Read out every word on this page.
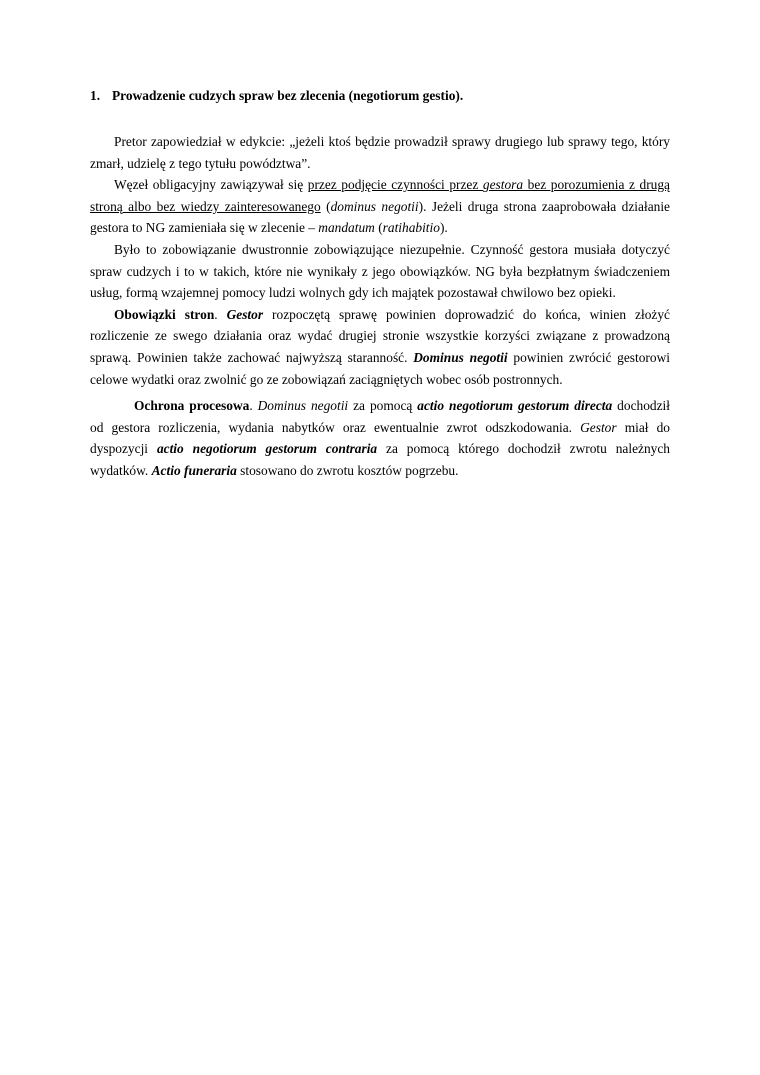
1. Prowadzenie cudzych spraw bez zlecenia (negotiorum gestio).

Pretor zapowiedział w edykcie: „jeżeli ktoś będzie prowadził sprawy drugiego lub sprawy tego, który zmarł, udzielę z tego tytułu powództwa”.

Węzeł obligacyjny zawiązywał się przez podjęcie czynności przez gestora bez porozumienia z drugą stroną albo bez wiedzy zainteresowanego (dominus negotii). Jeżeli druga strona zaaprobowała działanie gestora to NG zamieniała się w zlecenie – mandatum (ratihabitio).

Było to zobowiązanie dwustronnie zobowiązujące niezupełnie. Czynność gestora musiała dotyczyć spraw cudzych i to w takich, które nie wynikały z jego obowiązków. NG była bezpłatnym świadczeniem usług, formą wzajemnej pomocy ludzi wolnych gdy ich majątek pozostawał chwilowo bez opieki.

Obowiązki stron. Gestor rozpoczętą sprawę powinien doprowadzić do końca, winien złożyć rozliczenie ze swego działania oraz wydać drugiej stronie wszystkie korzyści związane z prowadzoną sprawą. Powinien także zachować najwyższą staranność. Dominus negotii powinien zwrócić gestorowi celowe wydatki oraz zwolnić go ze zobowiązań zaciągniętych wobec osób postronnych.

Ochrona procesowa. Dominus negotii za pomocą actio negotiorum gestorum directa dochodził od gestora rozliczenia, wydania nabytków oraz ewentualnie zwrot odszkodowania. Gestor miał do dyspozycji actio negotiorum gestorum contraria za pomocą którego dochodził zwrotu należnych wydatków. Actio funeraria stosowano do zwrotu kosztów pogrzebu.
